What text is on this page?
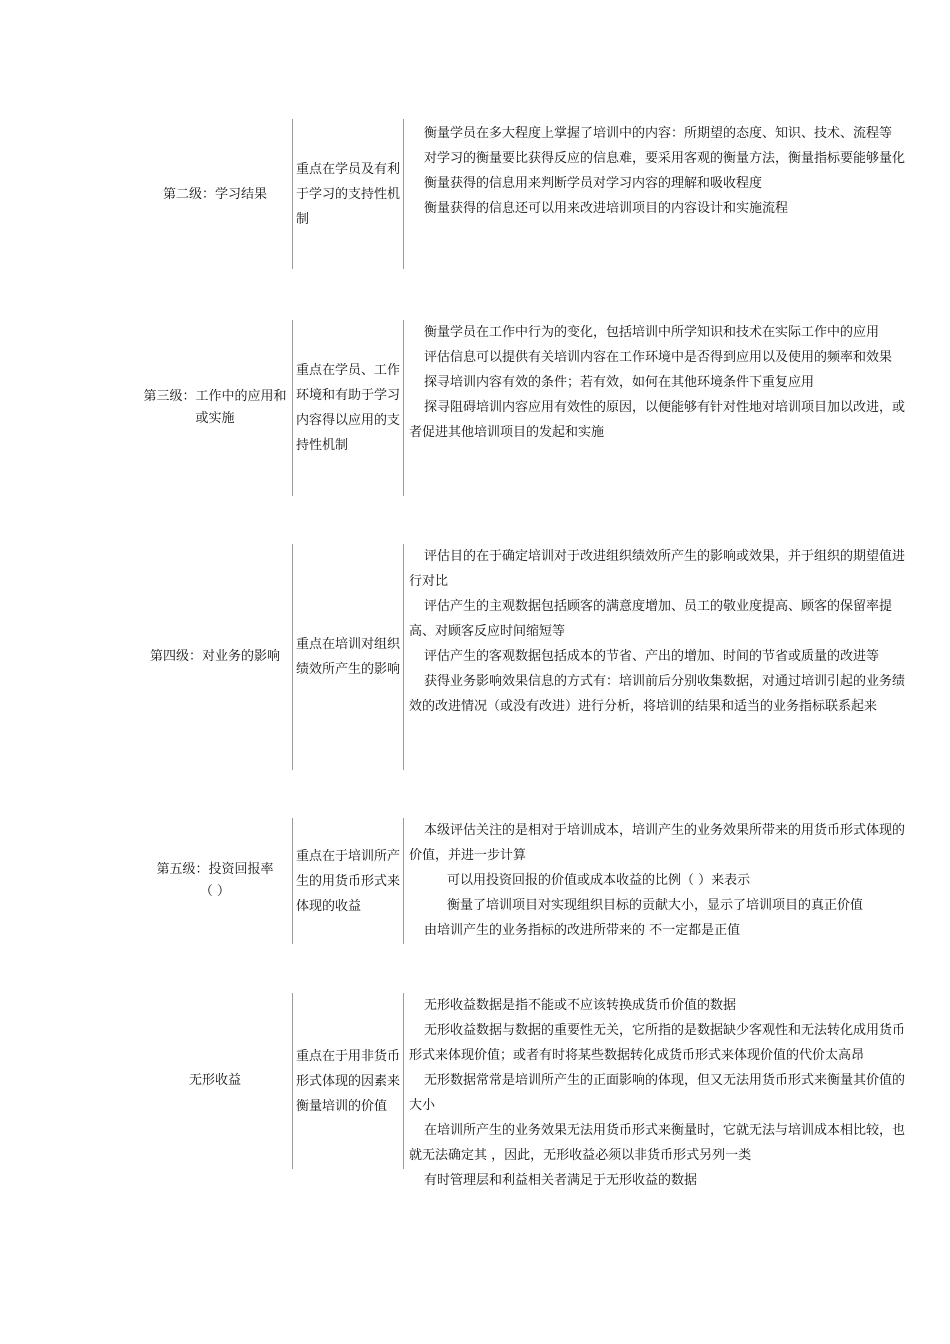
第二级：学习结果
重点在学员及有利于学习的支持性机制

衡量学员在多大程度上掌握了培训中的内容：所期望的态度、知识、技术、流程等

对学习的衡量要比获得反应的信息难，要采用客观的衡量方法，衡量指标要能够量化

衡量获得的信息用来判断学员对学习内容的理解和吸收程度

衡量获得的信息还可以用来改进培训项目的内容设计和实施流程

第三级：工作中的应用和 或实施
重点在学员、工作环境和有助于学习内容得以应用的支持性机制

衡量学员在工作中行为的变化，包括培训中所学知识和技术在实际工作中的应用

评估信息可以提供有关培训内容在工作环境中是否得到应用以及使用的频率和效果

探寻培训内容有效的条件；若有效，如何在其他环境条件下重复应用

探寻阻碍培训内容应用有效性的原因，以便能够有针对性地对培训项目加以改进，或者促进其他培训项目的发起和实施

第四级：对业务的影响
重点在培训对组织绩效所产生的影响

评估目的在于确定培训对于改进组织绩效所产生的影响或效果，并于组织的期望值进行对比

评估产生的主观数据包括顾客的满意度增加、员工的敬业度提高、顾客的保留率提高、对顾客反应时间缩短等

评估产生的客观数据包括成本的节省、产出的增加、时间的节省或质量的改进等

获得业务影响效果信息的方式有：培训前后分别收集数据，对通过培训引起的业务绩效的改进情况（或没有改进）进行分析，将培训的结果和适当的业务指标联系起来

第五级：投资回报率
（ ）
重点在于培训所产生的用货币形式来体现的收益

本级评估关注的是相对于培训成本，培训产生的业务效果所带来的用货币形式体现的价值，并进一步计算

可以用投资回报的价值或成本收益的比例（ ）来表示

衡量了培训项目对实现组织目标的贡献大小，显示了培训项目的真正价值

由培训产生的业务指标的改进所带来的 不一定都是正值

无形收益
重点在于用非货币形式体现的因素来衡量培训的价值

无形收益数据是指不能或不应该转换成货币价值的数据

无形收益数据与数据的重要性无关，它所指的是数据缺少客观性和无法转化成用货币形式来体现价值；或者有时将某些数据转化成货币形式来体现价值的代价太高昂

无形数据常常是培训所产生的正面影响的体现，但又无法用货币形式来衡量其价值的大小

在培训所产生的业务效果无法用货币形式来衡量时，它就无法与培训成本相比较，也就无法确定其 ，因此，无形收益必须以非货币形式另列一类

有时管理层和利益相关者满足于无形收益的数据
